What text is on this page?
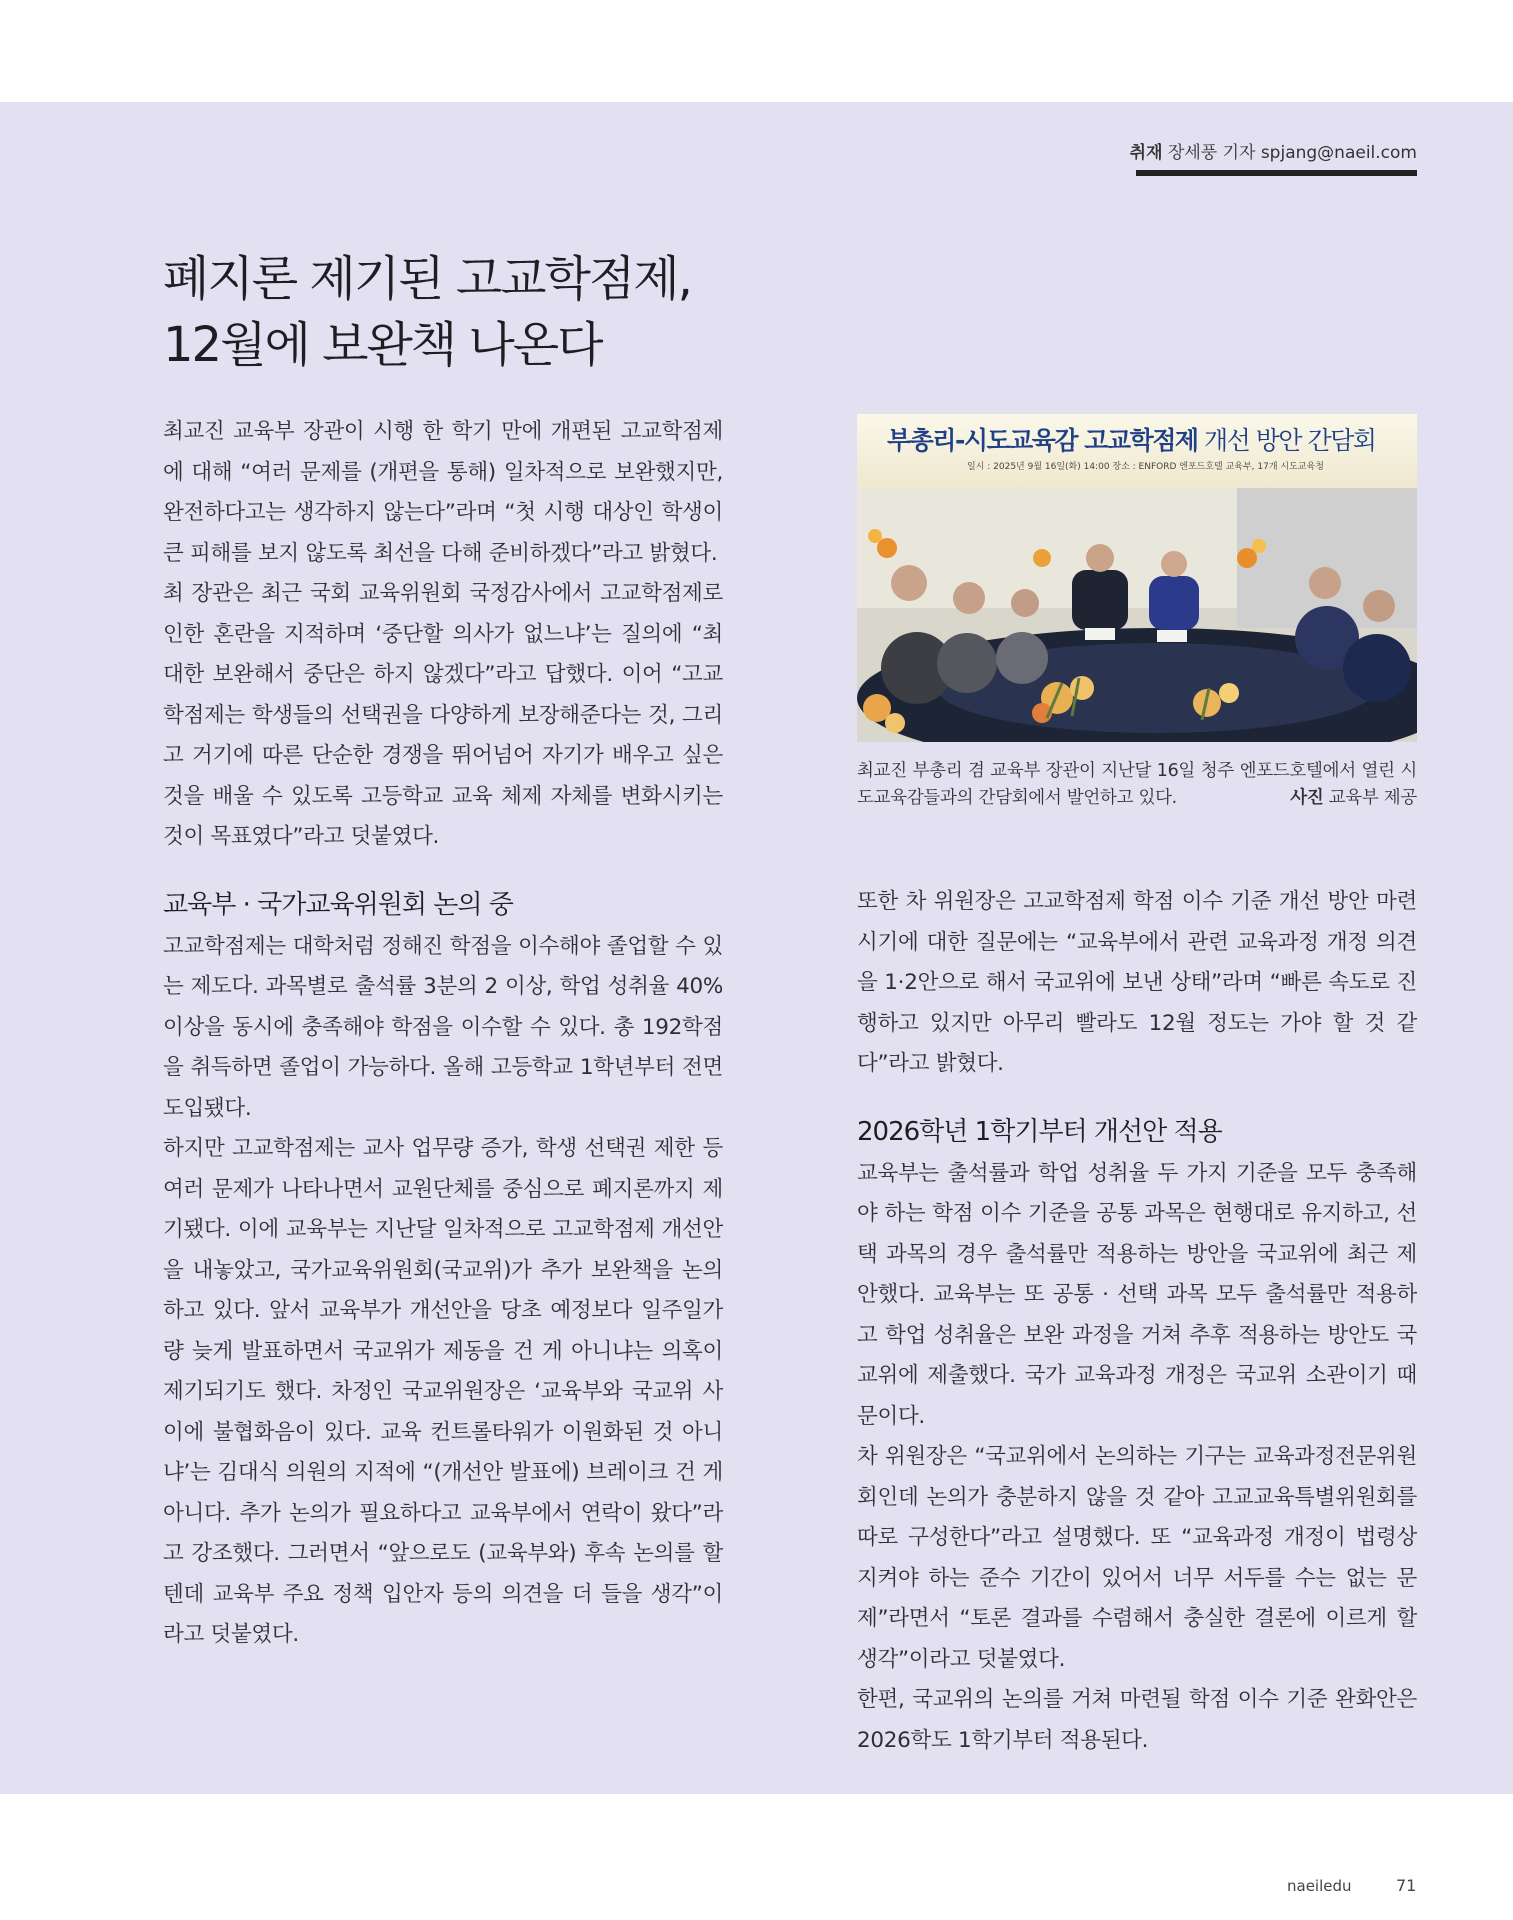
취재 장세풍 기자 spjang@naeil.com
폐지론 제기된 고교학점제,
12월에 보완책 나온다

최교진 교육부 장관이 시행 한 학기 만에 개편된 고교학점제에 대해 “여러 문제를 (개편을 통해) 일차적으로 보완했지만, 완전하다고는 생각하지 않는다”라며 “첫 시행 대상인 학생이 큰 피해를 보지 않도록 최선을 다해 준비하겠다”라고 밝혔다.

최 장관은 최근 국회 교육위원회 국정감사에서 고교학점제로 인한 혼란을 지적하며 ‘중단할 의사가 없느냐’는 질의에 “최대한 보완해서 중단은 하지 않겠다”라고 답했다. 이어 “고교학점제는 학생들의 선택권을 다양하게 보장해준다는 것, 그리고 거기에 따른 단순한 경쟁을 뛰어넘어 자기가 배우고 싶은 것을 배울 수 있도록 고등학교 교육 체제 자체를 변화시키는 것이 목표였다”라고 덧붙였다.

교육부 · 국가교육위원회 논의 중

고교학점제는 대학처럼 정해진 학점을 이수해야 졸업할 수 있는 제도다. 과목별로 출석률 3분의 2 이상, 학업 성취율 40% 이상을 동시에 충족해야 학점을 이수할 수 있다. 총 192학점을 취득하면 졸업이 가능하다. 올해 고등학교 1학년부터 전면 도입됐다.

하지만 고교학점제는 교사 업무량 증가, 학생 선택권 제한 등 여러 문제가 나타나면서 교원단체를 중심으로 폐지론까지 제기됐다. 이에 교육부는 지난달 일차적으로 고교학점제 개선안을 내놓았고, 국가교육위원회(국교위)가 추가 보완책을 논의하고 있다. 앞서 교육부가 개선안을 당초 예정보다 일주일가량 늦게 발표하면서 국교위가 제동을 건 게 아니냐는 의혹이 제기되기도 했다. 차정인 국교위원장은 ‘교육부와 국교위 사이에 불협화음이 있다. 교육 컨트롤타워가 이원화된 것 아니냐’는 김대식 의원의 지적에 “(개선안 발표에) 브레이크 건 게 아니다. 추가 논의가 필요하다고 교육부에서 연락이 왔다”라고 강조했다. 그러면서 “앞으로도 (교육부와) 후속 논의를 할 텐데 교육부 주요 정책 입안자 등의 의견을 더 들을 생각”이라고 덧붙였다.

부총리-시도교육감 고교학점제 개선 방안 간담회
일시 : 2025년 9월 16일(화) 14:00 장소 : ENFORD 엔포드호텔 교육부, 17개 시도교육청
최교진 부총리 겸 교육부 장관이 지난달 16일 청주 엔포드호텔에서 열린 시도교육감들과의 간담회에서 발언하고 있다.	사진 교육부 제공

또한 차 위원장은 고교학점제 학점 이수 기준 개선 방안 마련 시기에 대한 질문에는 “교육부에서 관련 교육과정 개정 의견을 1·2안으로 해서 국교위에 보낸 상태”라며 “빠른 속도로 진행하고 있지만 아무리 빨라도 12월 정도는 가야 할 것 같다”라고 밝혔다.

2026학년 1학기부터 개선안 적용

교육부는 출석률과 학업 성취율 두 가지 기준을 모두 충족해야 하는 학점 이수 기준을 공통 과목은 현행대로 유지하고, 선택 과목의 경우 출석률만 적용하는 방안을 국교위에 최근 제안했다. 교육부는 또 공통 · 선택 과목 모두 출석률만 적용하고 학업 성취율은 보완 과정을 거쳐 추후 적용하는 방안도 국교위에 제출했다. 국가 교육과정 개정은 국교위 소관이기 때문이다.

차 위원장은 “국교위에서 논의하는 기구는 교육과정전문위원회인데 논의가 충분하지 않을 것 같아 고교교육특별위원회를 따로 구성한다”라고 설명했다. 또 “교육과정 개정이 법령상 지켜야 하는 준수 기간이 있어서 너무 서두를 수는 없는 문제”라면서 “토론 결과를 수렴해서 충실한 결론에 이르게 할 생각”이라고 덧붙였다.

한편, 국교위의 논의를 거쳐 마련될 학점 이수 기준 완화안은 2026학도 1학기부터 적용된다.

naeiledu	71
